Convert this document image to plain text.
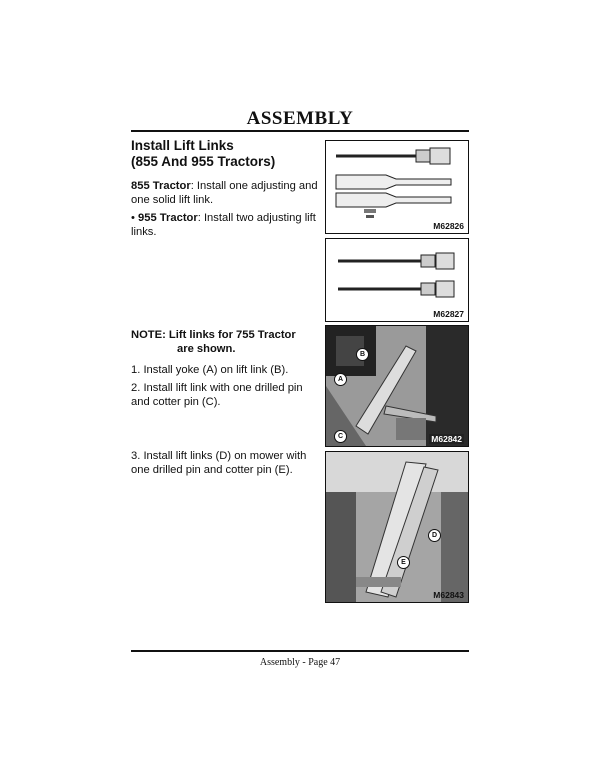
ASSEMBLY
Install Lift Links
(855 And 955 Tractors)
855 Tractor: Install one adjusting and one solid lift link.
• 955 Tractor: Install two adjusting lift links.
NOTE: Lift links for 755 Tractor
are shown.
1. Install yoke (A) on lift link (B).
2. Install lift link with one drilled pin and cotter pin (C).
3. Install lift links (D) on mower with one drilled pin and cotter pin (E).
M62826
M62827
B
A
C	M62842
D
E
M62843
Assembly - Page 47
